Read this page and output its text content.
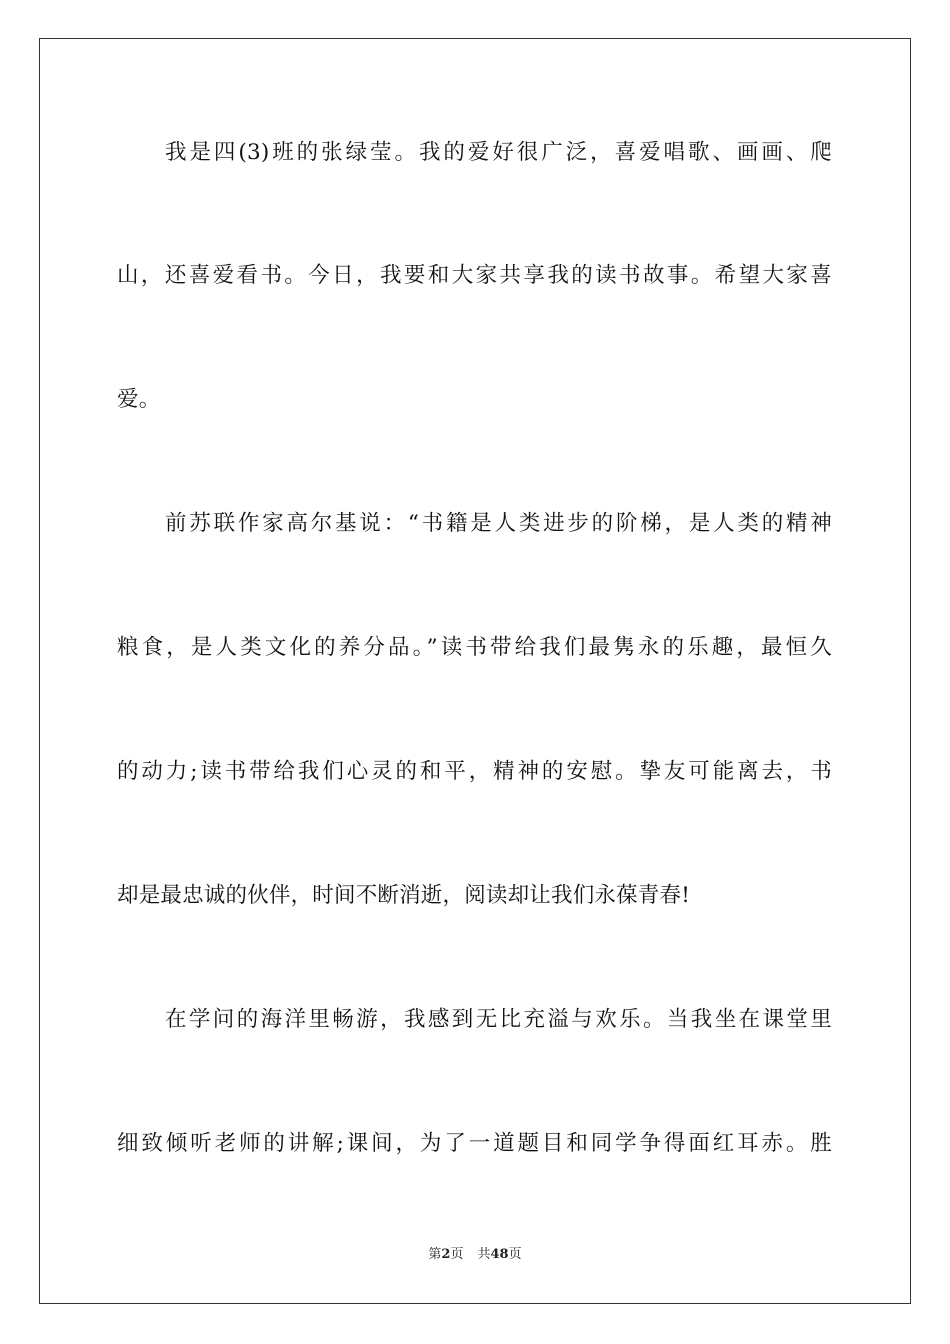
我是四(3)班的张绿莹。我的爱好很广泛，喜爱唱歌、画画、爬
山，还喜爱看书。今日，我要和大家共享我的读书故事。希望大家喜
爱。
前苏联作家高尔基说：“书籍是人类进步的阶梯，是人类的精神
粮食，是人类文化的养分品。”读书带给我们最隽永的乐趣，最恒久
的动力;读书带给我们心灵的和平，精神的安慰。挚友可能离去，书
却是最忠诚的伙伴，时间不断消逝，阅读却让我们永葆青春!
在学问的海洋里畅游，我感到无比充溢与欢乐。当我坐在课堂里
细致倾听老师的讲解;课间，为了一道题目和同学争得面红耳赤。胜
第2页 共48页
